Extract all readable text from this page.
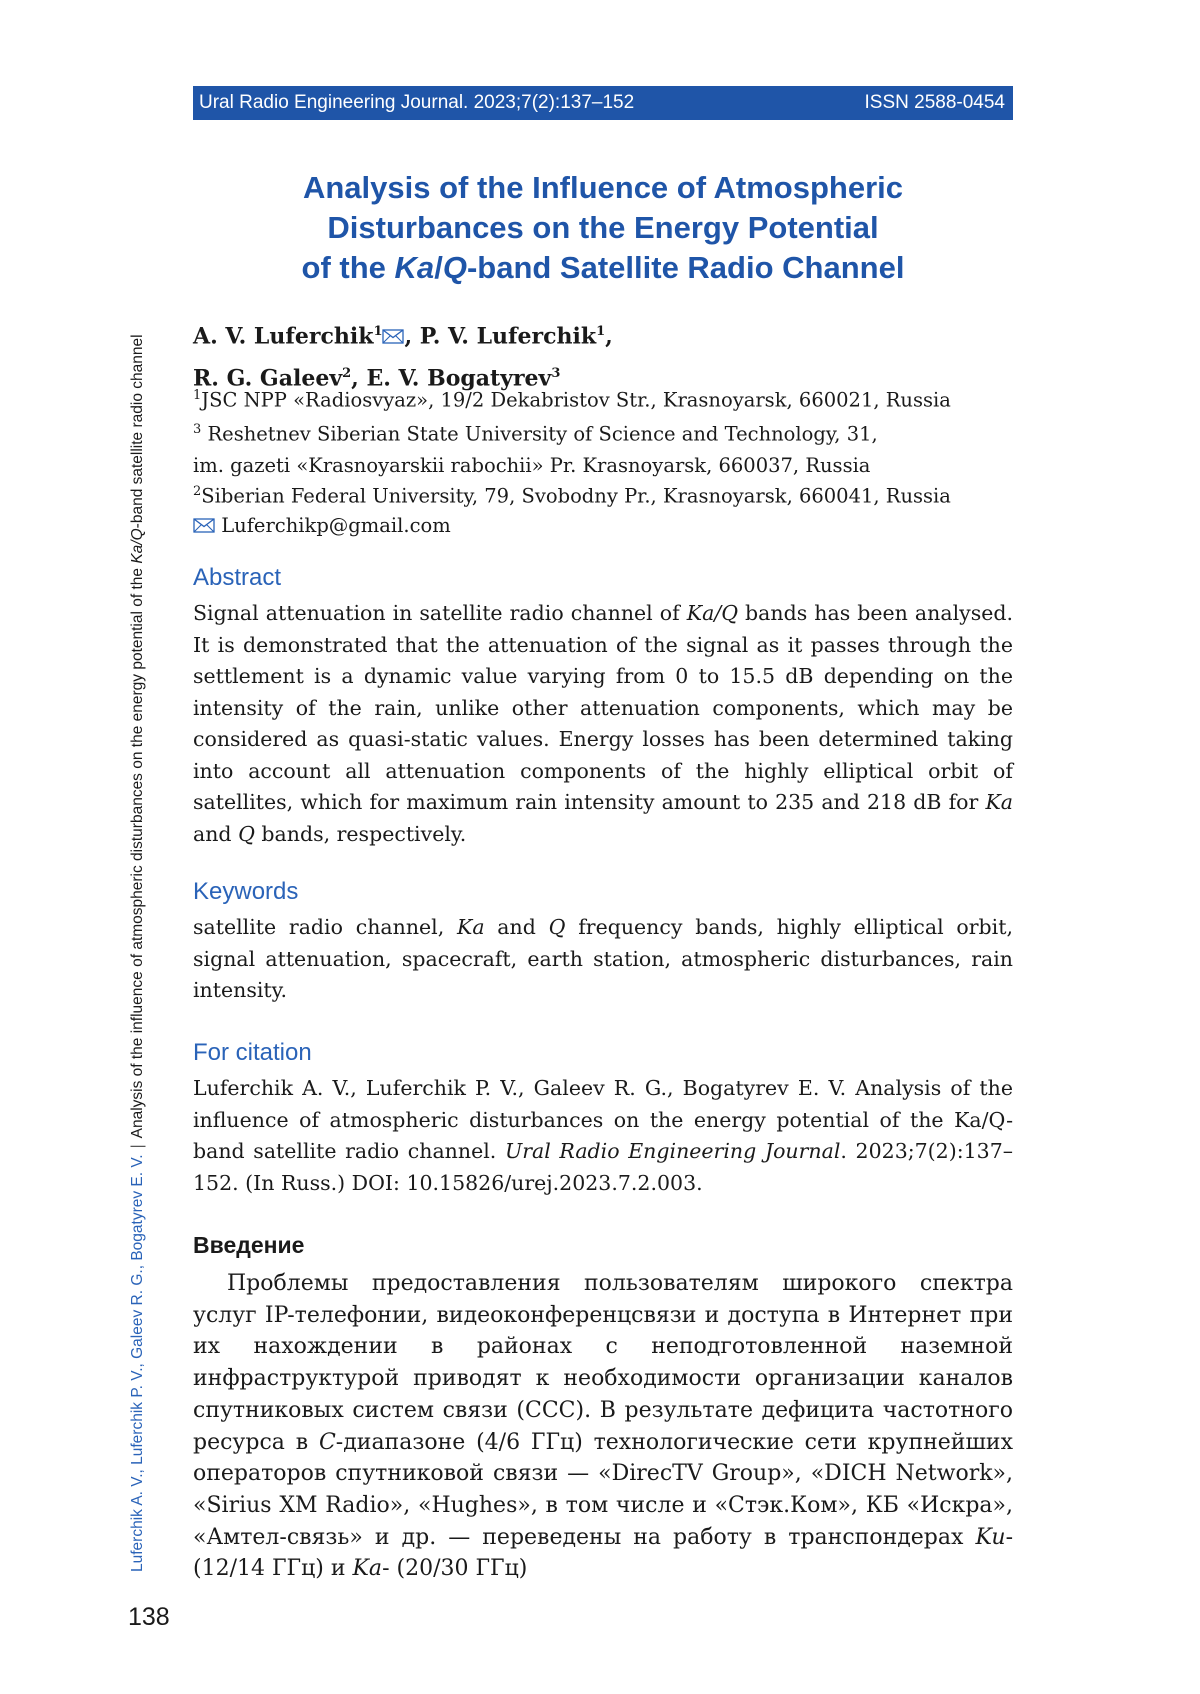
Ural Radio Engineering Journal. 2023;7(2):137–152	ISSN 2588-0454
Luferchik A. V., Luferchik P. V., Galeev R. G., Bogatyrev E. V.|Analysis of the influence of atmospheric disturbances on the energy potential of the Ka/Q-band satellite radio channel
Analysis of the Influence of Atmospheric
Disturbances on the Energy Potential
of the Ka/Q-band Satellite Radio Channel
A. V. Luferchik1 , P. V. Luferchik1,
R. G. Galeev2, E. V. Bogatyrev3
1JSC NPP «Radiosvyaz», 19/2 Dekabristov Str., Krasnoyarsk, 660021, Russia
3 Reshetnev Siberian State University of Science and Technology, 31,
im. gazeti «Krasnoyarskii rabochii» Pr. Krasnoyarsk, 660037, Russia
2Siberian Federal University, 79, Svobodny Pr., Krasnoyarsk, 660041, Russia
Luferchikp@gmail.com
Abstract
Signal attenuation in satellite radio channel of Ka/Q bands has been analysed. It is demonstrated that the attenuation of the signal as it passes through the settlement is a dynamic value varying from 0 to 15.5 dB depending on the intensity of the rain, unlike other attenuation components, which may be considered as quasi-static values. Energy losses has been determined taking into account all attenuation components of the highly elliptical orbit of satellites, which for maximum rain intensity amount to 235 and 218 dB for Ka and Q bands, respectively.
Keywords
satellite radio channel, Ka and Q frequency bands, highly elliptical orbit, signal attenuation, spacecraft, earth station, atmospheric disturbances, rain intensity.
For citation
Luferchik A. V., Luferchik P. V., Galeev R. G., Bogatyrev E. V. Analysis of the influence of atmospheric disturbances on the energy potential of the Ka/Q-band satellite radio channel. Ural Radio Engineering Journal. 2023;7(2):137–152. (In Russ.) DOI: 10.15826/urej.2023.7.2.003.
Введение
Проблемы предоставления пользователям широкого спектра услуг IP-телефонии, видеоконференцсвязи и доступа в Интернет при их нахождении в районах с неподготовленной наземной инфраструктурой приводят к необходимости организации каналов спутниковых систем связи (ССС). В результате дефицита частотного ресурса в C-диапазоне (4/6 ГГц) технологические сети крупнейших операторов спутниковой связи — «DirecTV Group», «DICH Network», «Sirius XM Radio», «Hughes», в том числе и «Стэк.Ком», КБ «Искра», «Амтел-связь» и др. — переведены на работу в транспондерах Ku- (12/14 ГГц) и Ka- (20/30 ГГц)
138
